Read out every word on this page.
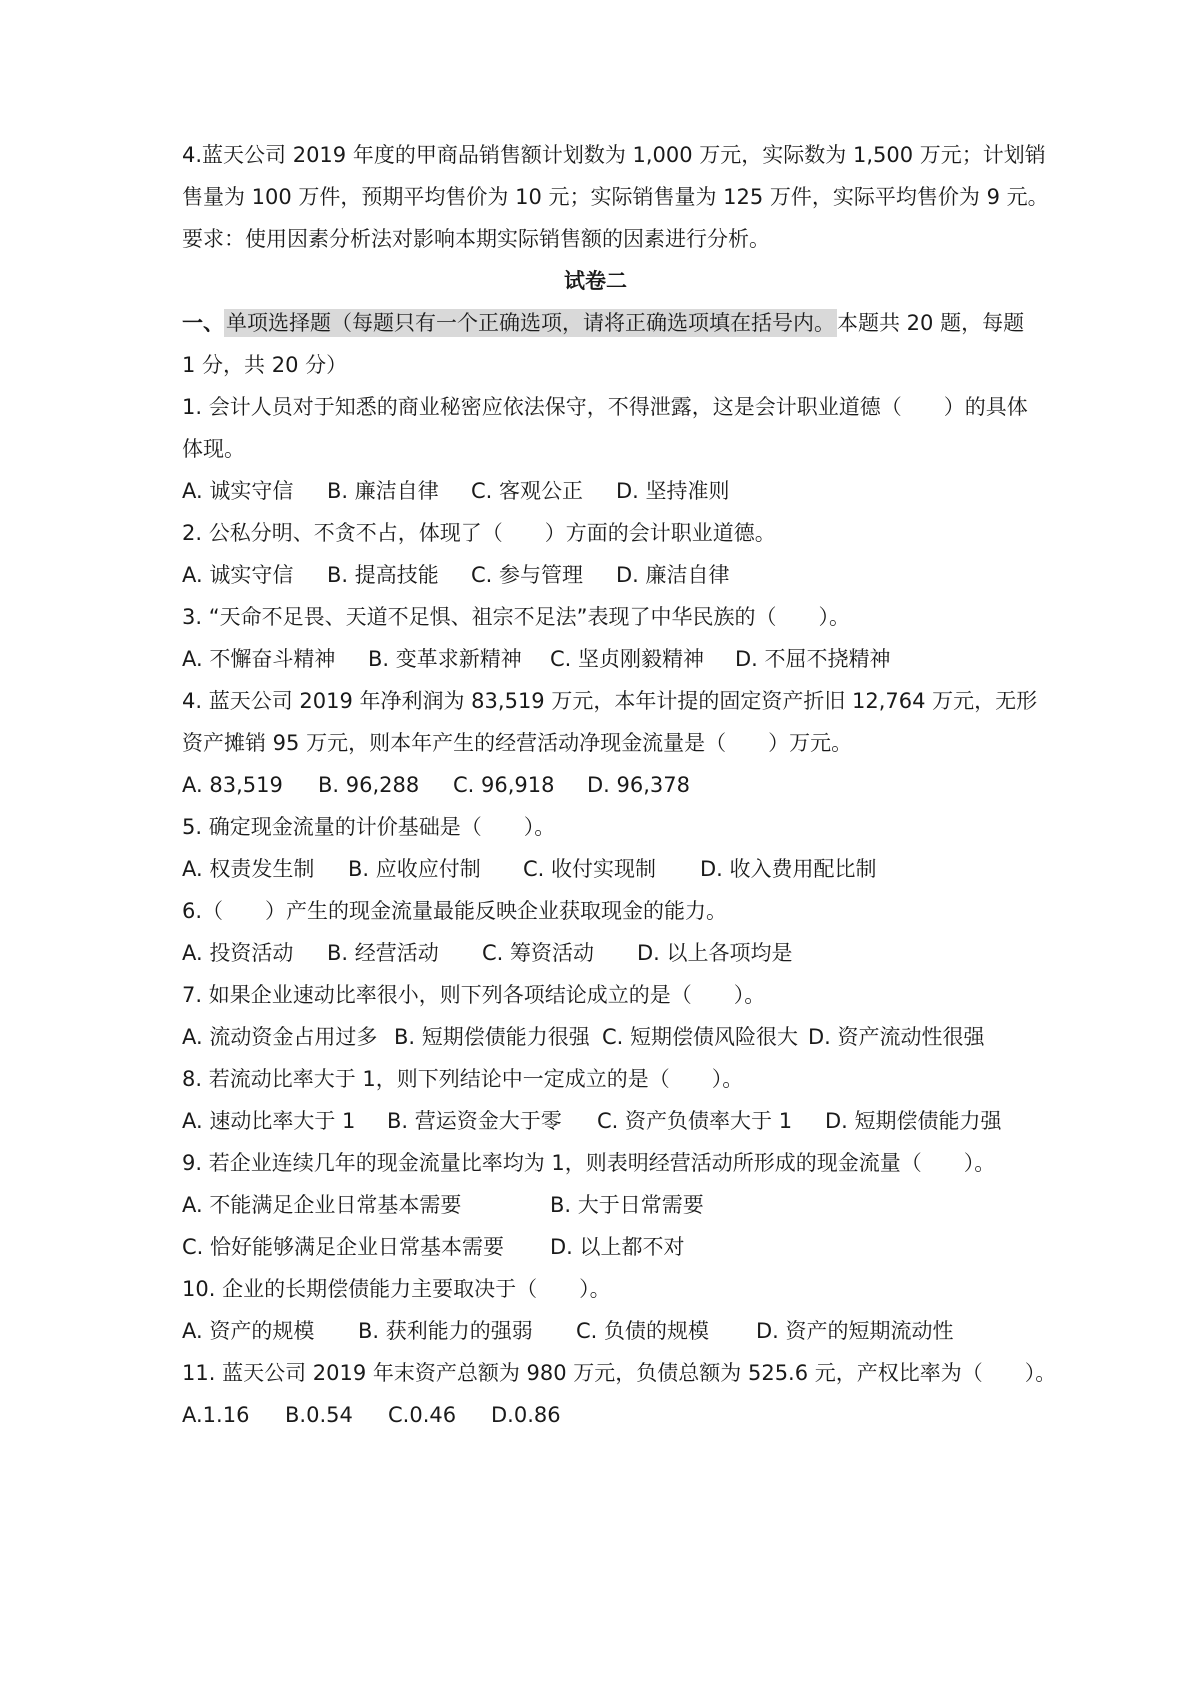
4.蓝天公司 2019 年度的甲商品销售额计划数为 1,000 万元，实际数为 1,500 万元；计划销
售量为 100 万件，预期平均售价为 10 元；实际销售量为 125 万件，实际平均售价为 9 元。
要求：使用因素分析法对影响本期实际销售额的因素进行分析。
试卷二
一、单项选择题（每题只有一个正确选项，请将正确选项填在括号内。本题共 20 题，每题
1 分，共 20 分）
1. 会计人员对于知悉的商业秘密应依法保守，不得泄露，这是会计职业道德（　　）的具体
体现。
A. 诚实守信 B. 廉洁自律 C. 客观公正 D. 坚持准则
2. 公私分明、不贪不占，体现了（　　）方面的会计职业道德。
A. 诚实守信 B. 提高技能 C. 参与管理 D. 廉洁自律
3. “天命不足畏、天道不足惧、祖宗不足法”表现了中华民族的（　　）。
A. 不懈奋斗精神 B. 变革求新精神 C. 坚贞刚毅精神 D. 不屈不挠精神
4. 蓝天公司 2019 年净利润为 83,519 万元，本年计提的固定资产折旧 12,764 万元，无形
资产摊销 95 万元，则本年产生的经营活动净现金流量是（　　）万元。
A. 83,519 B. 96,288 C. 96,918 D. 96,378
5. 确定现金流量的计价基础是（　　）。
A. 权责发生制 B. 应收应付制 C. 收付实现制 D. 收入费用配比制
6.（　　）产生的现金流量最能反映企业获取现金的能力。
A. 投资活动 B. 经营活动 C. 筹资活动 D. 以上各项均是
7. 如果企业速动比率很小，则下列各项结论成立的是（　　）。
A. 流动资金占用过多 B. 短期偿债能力很强 C. 短期偿债风险很大 D. 资产流动性很强
8. 若流动比率大于 1，则下列结论中一定成立的是（　　）。
A. 速动比率大于 1 B. 营运资金大于零 C. 资产负债率大于 1 D. 短期偿债能力强
9. 若企业连续几年的现金流量比率均为 1，则表明经营活动所形成的现金流量（　　）。
A. 不能满足企业日常基本需要	B. 大于日常需要
C. 恰好能够满足企业日常基本需要 D. 以上都不对
10. 企业的长期偿债能力主要取决于（　　）。
A. 资产的规模 B. 获利能力的强弱 C. 负债的规模 D. 资产的短期流动性
11. 蓝天公司 2019 年末资产总额为 980 万元，负债总额为 525.6 元，产权比率为（　　）。
A.1.16 B.0.54 C.0.46 D.0.86
